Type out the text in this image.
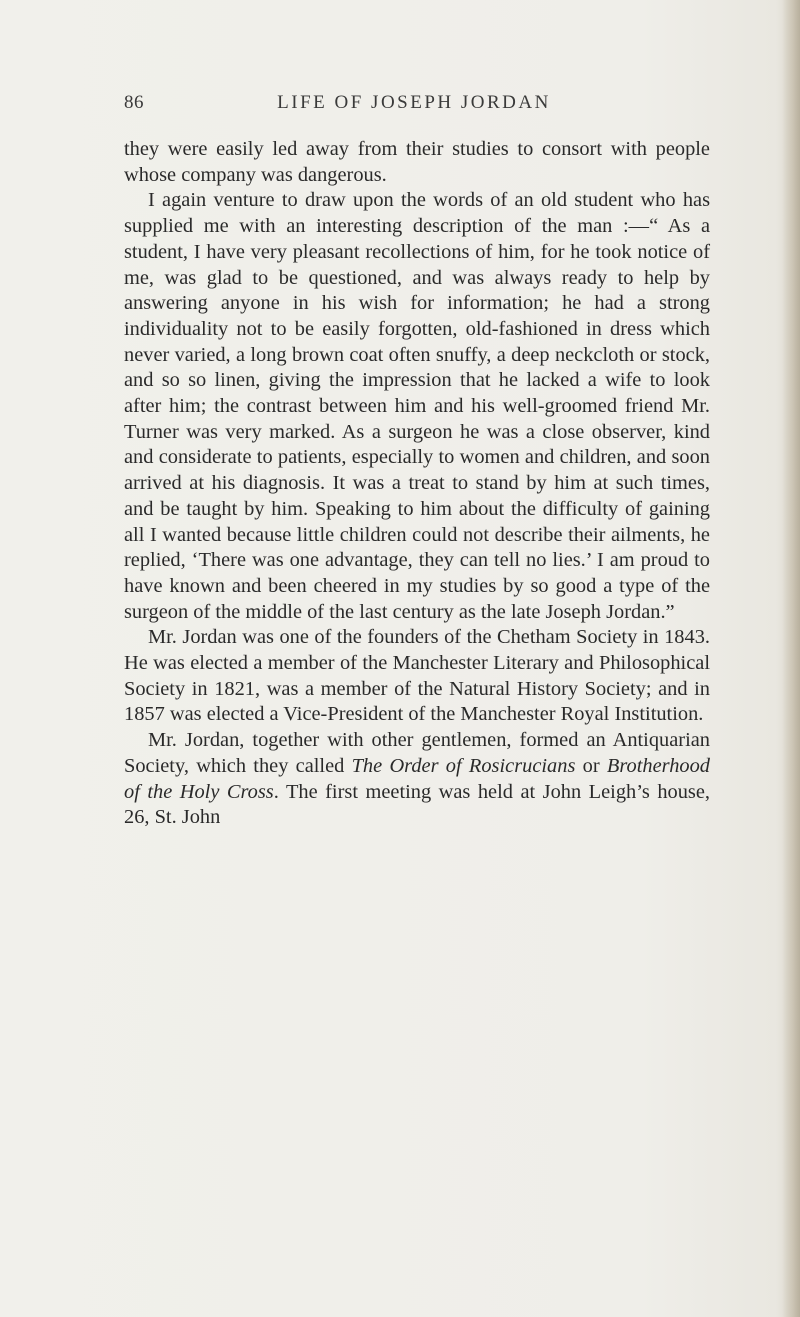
86	LIFE OF JOSEPH JORDAN

they were easily led away from their studies to consort with people whose company was dangerous.

I again venture to draw upon the words of an old student who has supplied me with an interesting description of the man :—“ As a student, I have very pleasant recollections of him, for he took notice of me, was glad to be questioned, and was always ready to help by answering anyone in his wish for information; he had a strong individuality not to be easily forgotten, old-fashioned in dress which never varied, a long brown coat often snuffy, a deep neckcloth or stock, and so so linen, giving the impression that he lacked a wife to look after him; the contrast between him and his well-groomed friend Mr. Turner was very marked. As a surgeon he was a close observer, kind and considerate to patients, especially to women and children, and soon arrived at his diagnosis. It was a treat to stand by him at such times, and be taught by him. Speaking to him about the difficulty of gaining all I wanted because little children could not describe their ailments, he replied, ‘There was one advantage, they can tell no lies.’ I am proud to have known and been cheered in my studies by so good a type of the surgeon of the middle of the last century as the late Joseph Jordan.”

Mr. Jordan was one of the founders of the Chetham Society in 1843. He was elected a member of the Manchester Literary and Philosophical Society in 1821, was a member of the Natural History Society; and in 1857 was elected a Vice-President of the Manchester Royal Institution.

Mr. Jordan, together with other gentlemen, formed an Antiquarian Society, which they called The Order of Rosicrucians or Brotherhood of the Holy Cross. The first meeting was held at John Leigh’s house, 26, St. John
